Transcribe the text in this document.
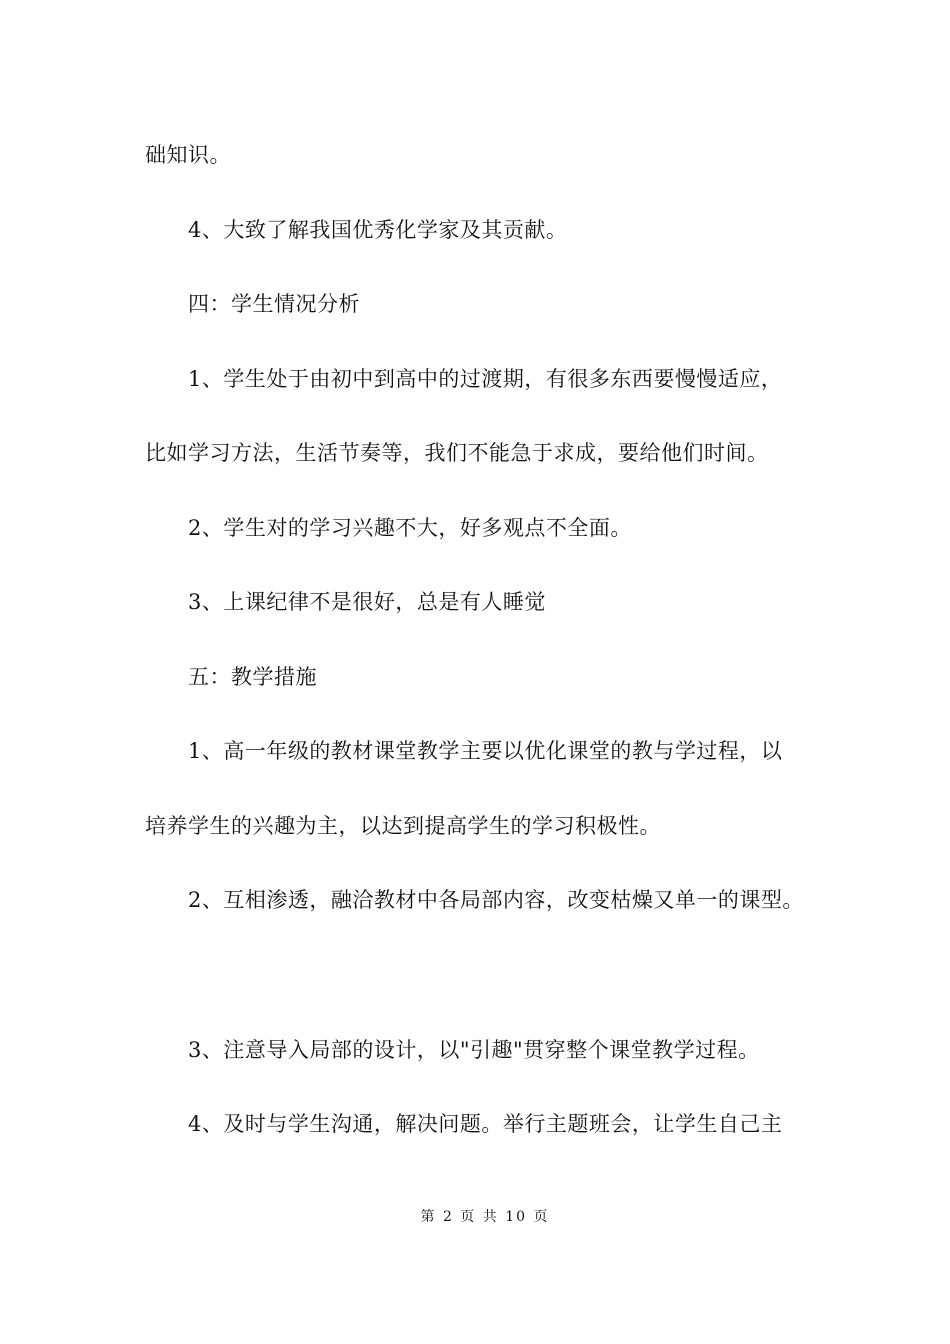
础知识。
4、大致了解我国优秀化学家及其贡献。
四：学生情况分析
1、学生处于由初中到高中的过渡期，有很多东西要慢慢适应，
比如学习方法，生活节奏等，我们不能急于求成，要给他们时间。
2、学生对的学习兴趣不大，好多观点不全面。
3、上课纪律不是很好，总是有人睡觉
五：教学措施
1、高一年级的教材课堂教学主要以优化课堂的教与学过程，以
培养学生的兴趣为主，以达到提高学生的学习积极性。
2、互相渗透，融洽教材中各局部内容，改变枯燥又单一的课型。
3、注意导入局部的设计，以"引趣"贯穿整个课堂教学过程。
4、及时与学生沟通，解决问题。举行主题班会，让学生自己主
第 2 页 共 10 页
